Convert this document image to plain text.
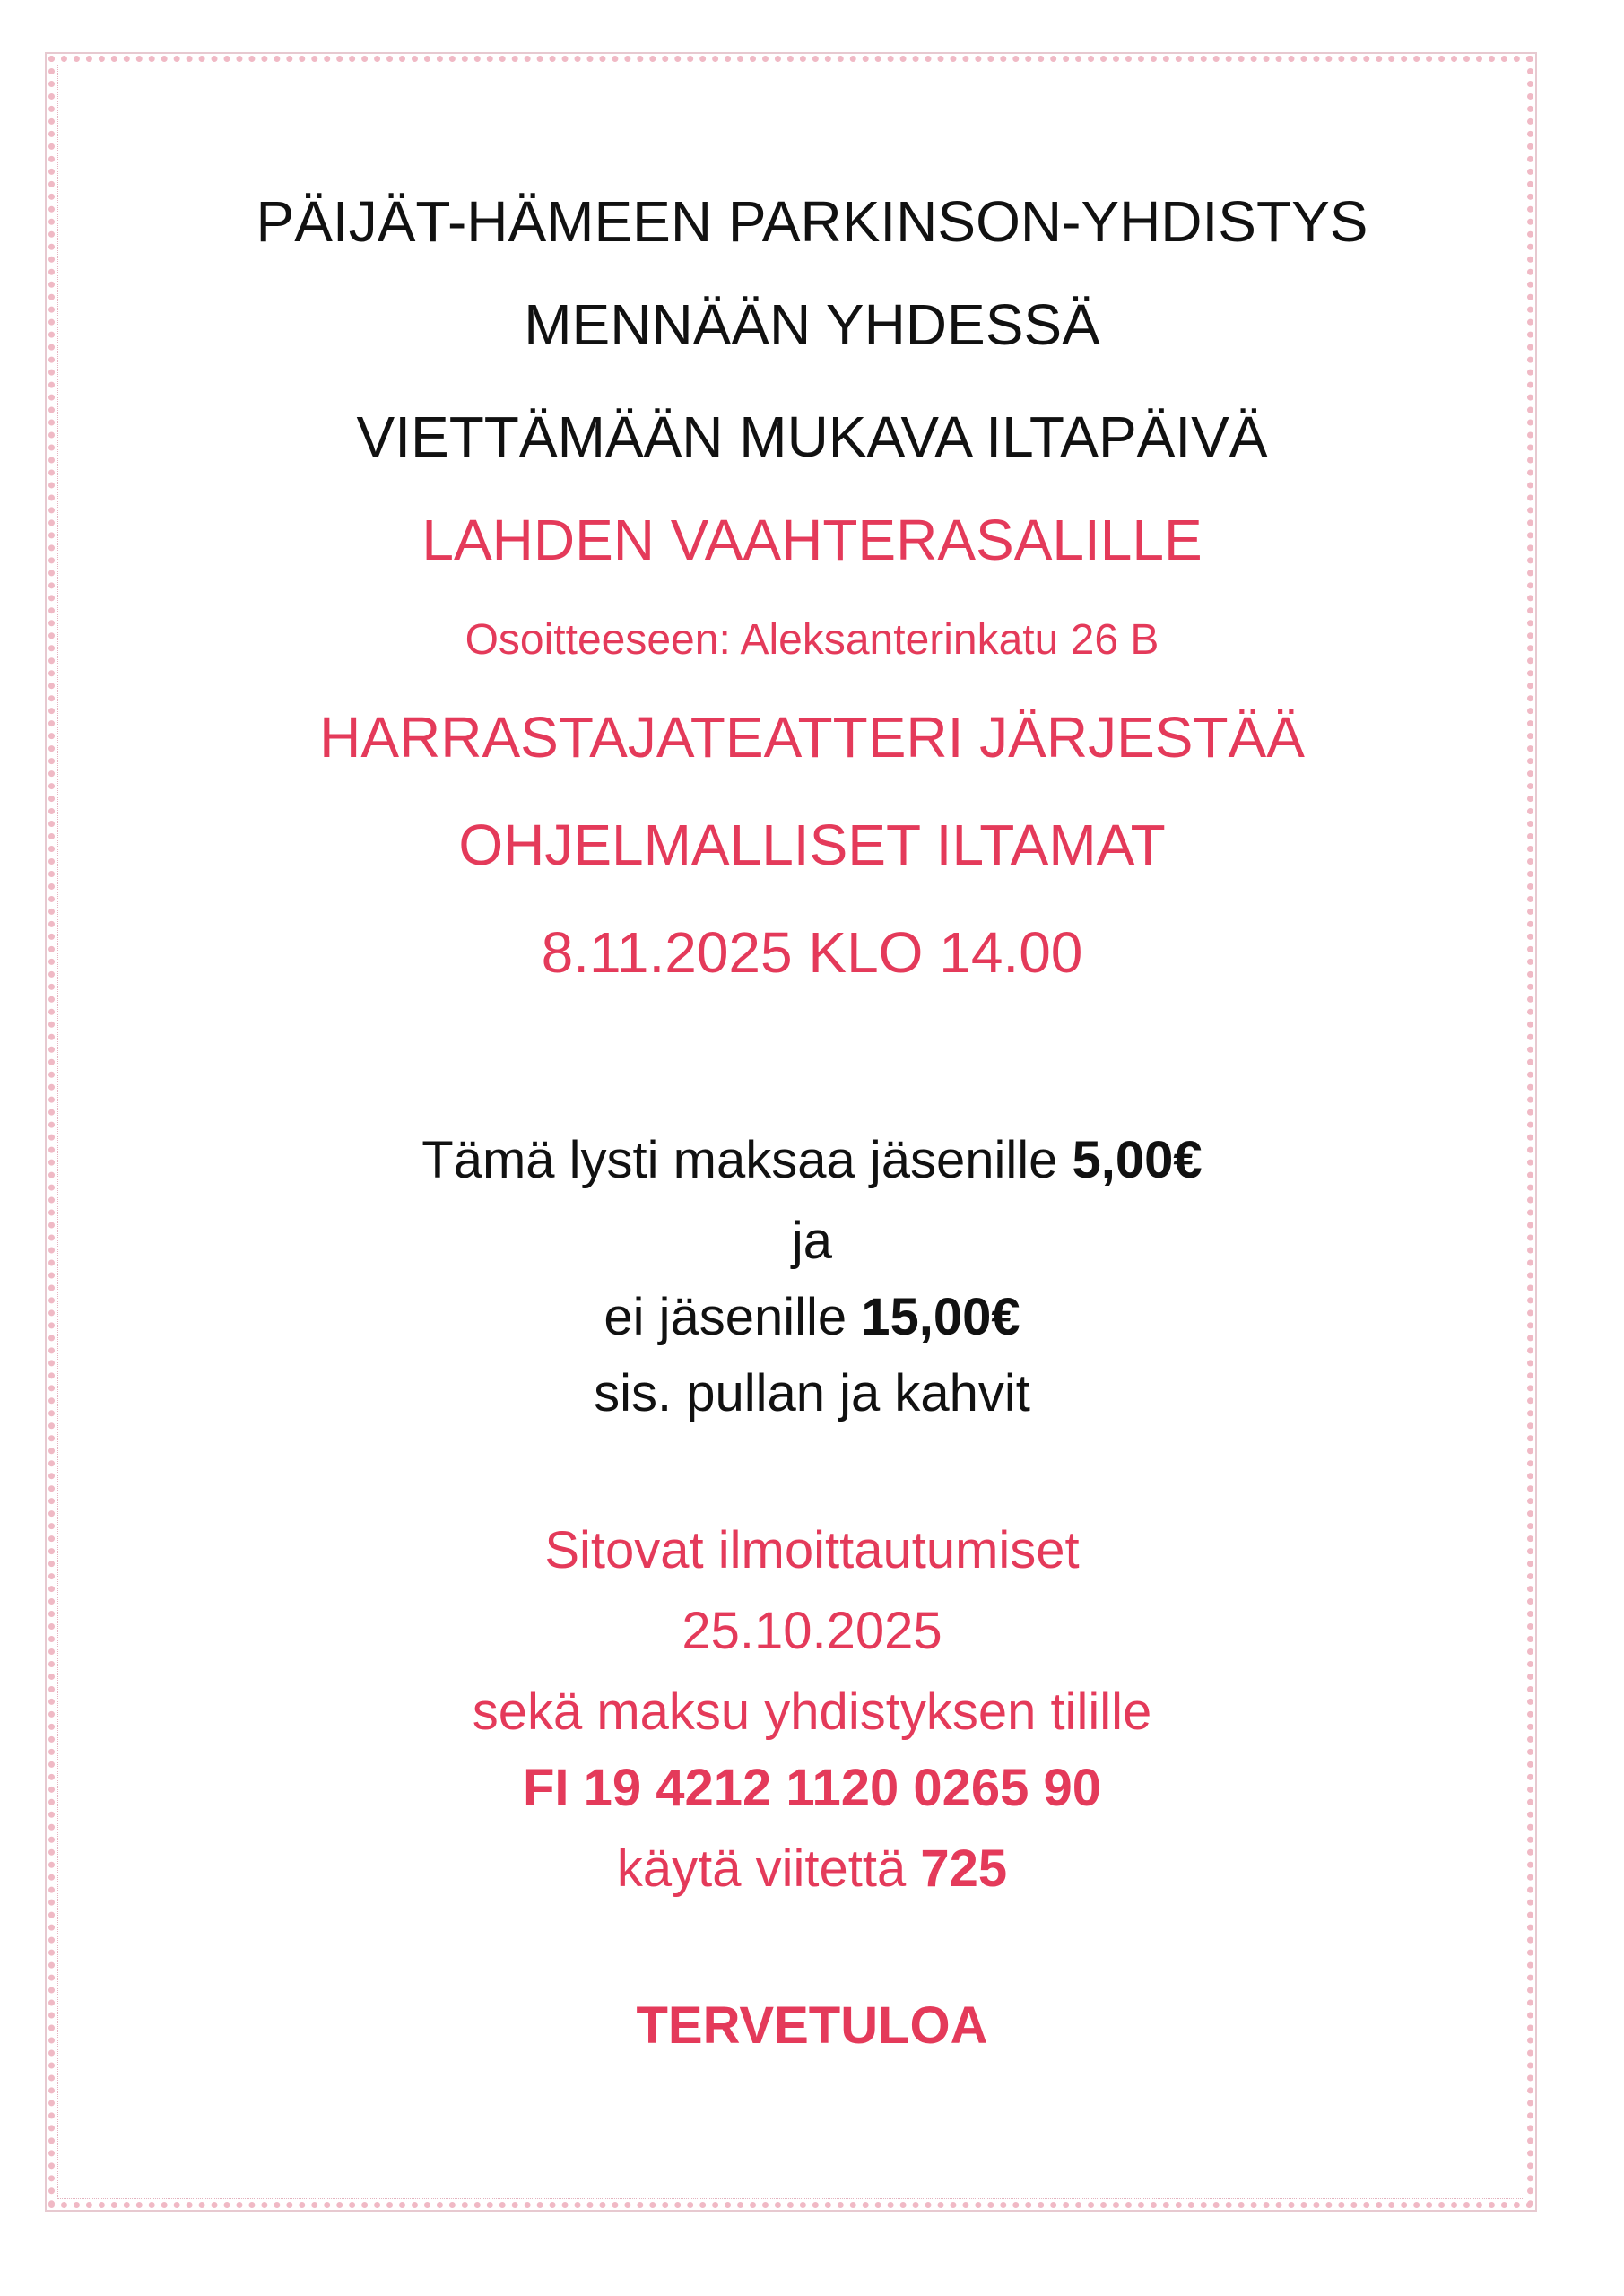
PÄIJÄT-HÄMEEN PARKINSON-YHDISTYS

MENNÄÄN YHDESSÄ

VIETTÄMÄÄN MUKAVA ILTAPÄIVÄ

LAHDEN VAAHTERASALILLE

Osoitteeseen: Aleksanterinkatu 26 B

HARRASTAJATEATTERI JÄRJESTÄÄ

OHJELMALLISET ILTAMAT

8.11.2025 KLO 14.00

Tämä lysti maksaa jäsenille 5,00€

ja

ei jäsenille 15,00€

sis. pullan ja kahvit

Sitovat ilmoittautumiset

25.10.2025

sekä maksu yhdistyksen tilille

FI 19 4212 1120 0265 90

käytä viitettä 725

TERVETULOA
